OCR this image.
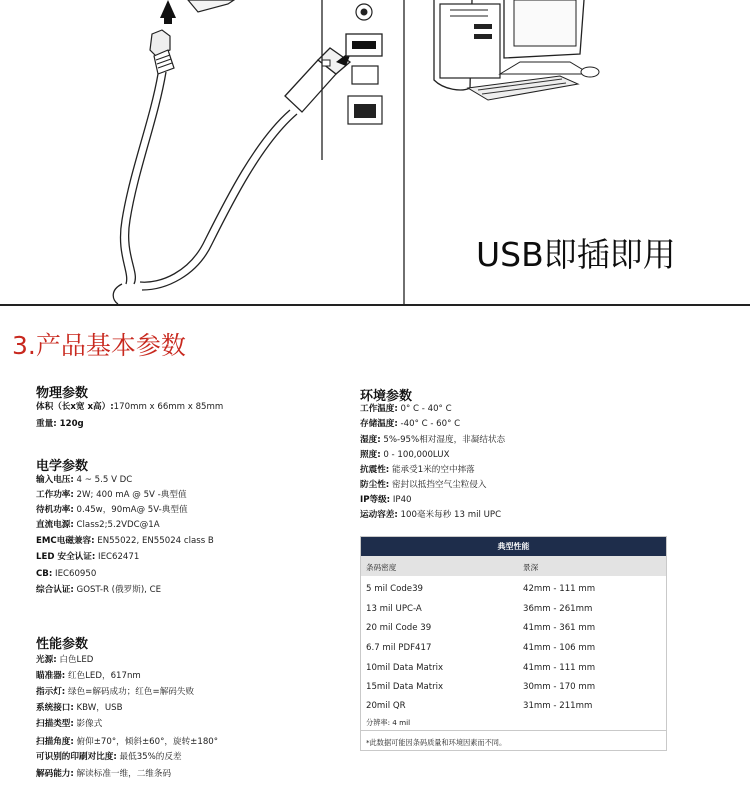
USB即插即用
3.产品基本参数
物理参数
体积（长x宽 x高）:170mm x 66mm x 85mm
重量: 120g
电学参数
输入电压: 4 ~ 5.5 V DC
工作功率: 2W; 400 mA @ 5V -典型值
待机功率: 0.45w，90mA@ 5V-典型值
直流电源: Class2;5.2VDC@1A
EMC电磁兼容: EN55022, EN55024 class B
LED 安全认证: IEC62471
CB: IEC60950
综合认证: GOST-R (俄罗斯), CE
性能参数
光源: 白色LED
瞄准器: 红色LED，617nm
指示灯: 绿色=解码成功；红色=解码失败
系统接口: KBW，USB
扫描类型: 影像式
扫描角度: 俯仰±70°，倾斜±60°，旋转±180°
可识别的印刷对比度: 最低35%的反差
解码能力: 解读标准一维，二维条码
环境参数
工作温度: 0° C - 40° C
存储温度: -40° C - 60° C
湿度: 5%-95%相对湿度，非凝结状态
照度: 0 - 100,000LUX
抗震性: 能承受1米的空中摔落
防尘性: 密封以抵挡空气尘粒侵入
IP等级: IP40
运动容差: 100毫米每秒 13 mil UPC
典型性能
条码密度	景深
5 mil Code39	42mm - 111 mm
13 mil UPC-A	36mm - 261mm
20 mil Code 39	41mm - 361 mm
6.7 mil PDF417	41mm - 106 mm
10mil Data Matrix	41mm - 111 mm
15mil Data Matrix	30mm - 170 mm
20mil QR	31mm - 211mm
分辨率: 4 mil
*此数据可能因条码质量和环境因素而不同。
